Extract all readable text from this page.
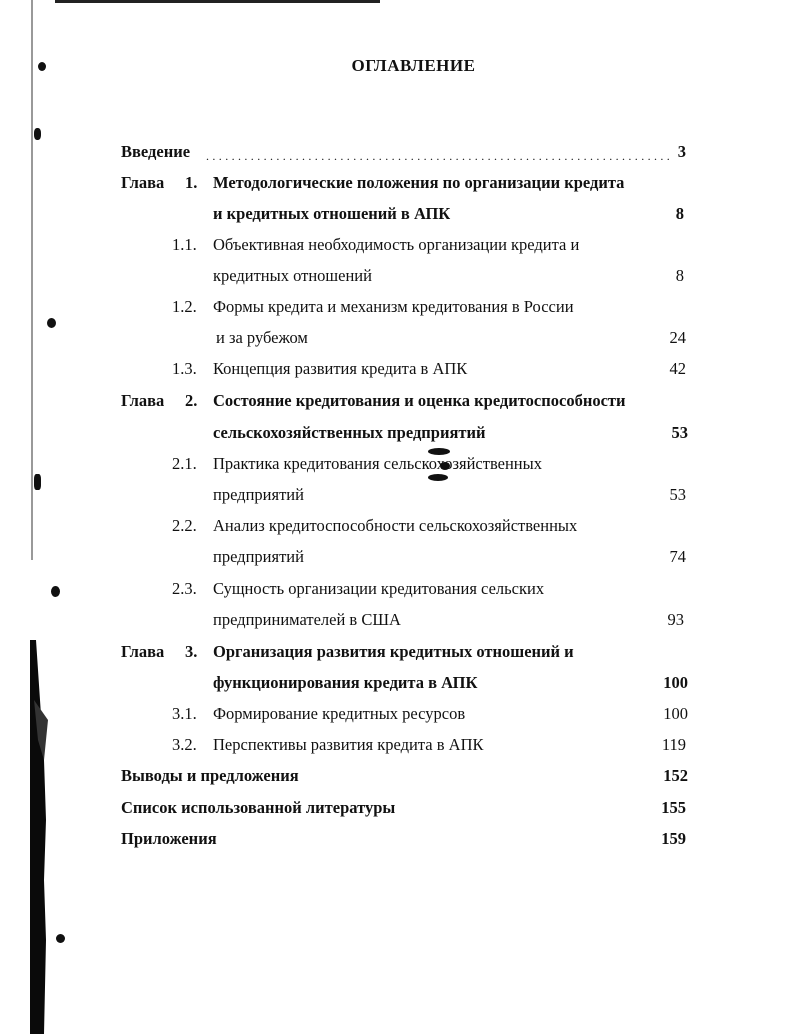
ОГЛАВЛЕНИЕ
Введение . . . . . . . . . . . . . . . . . . . . . . . . . . . . . . . . . . . . . . . . . . . . . . . . . . . . . . . . . . . . . . . . . . . . . . . . . 3
Глава 1. Методологические положения по организации кредита
и кредитных отношений в АПК	8
1.1. Объективная необходимость организации кредита и
кредитных отношений	8
1.2. Формы кредита и механизм кредитования в России
и за рубежом	24
1.3. Концепция развития кредита в АПК	42
Глава 2. Состояние кредитования и оценка кредитоспособности
сельскохозяйственных предприятий	53
2.1. Практика кредитования сельскохозяйственных
предприятий	53
2.2. Анализ кредитоспособности сельскохозяйственных
предприятий	74
2.3. Сущность организации кредитования сельских
предпринимателей в США	93
Глава 3. Организация развития кредитных отношений и
функционирования кредита в АПК	100
3.1. Формирование кредитных ресурсов	100
3.2. Перспективы развития кредита в АПК	119
Выводы и предложения	152
Список использованной литературы	155
Приложения	159
